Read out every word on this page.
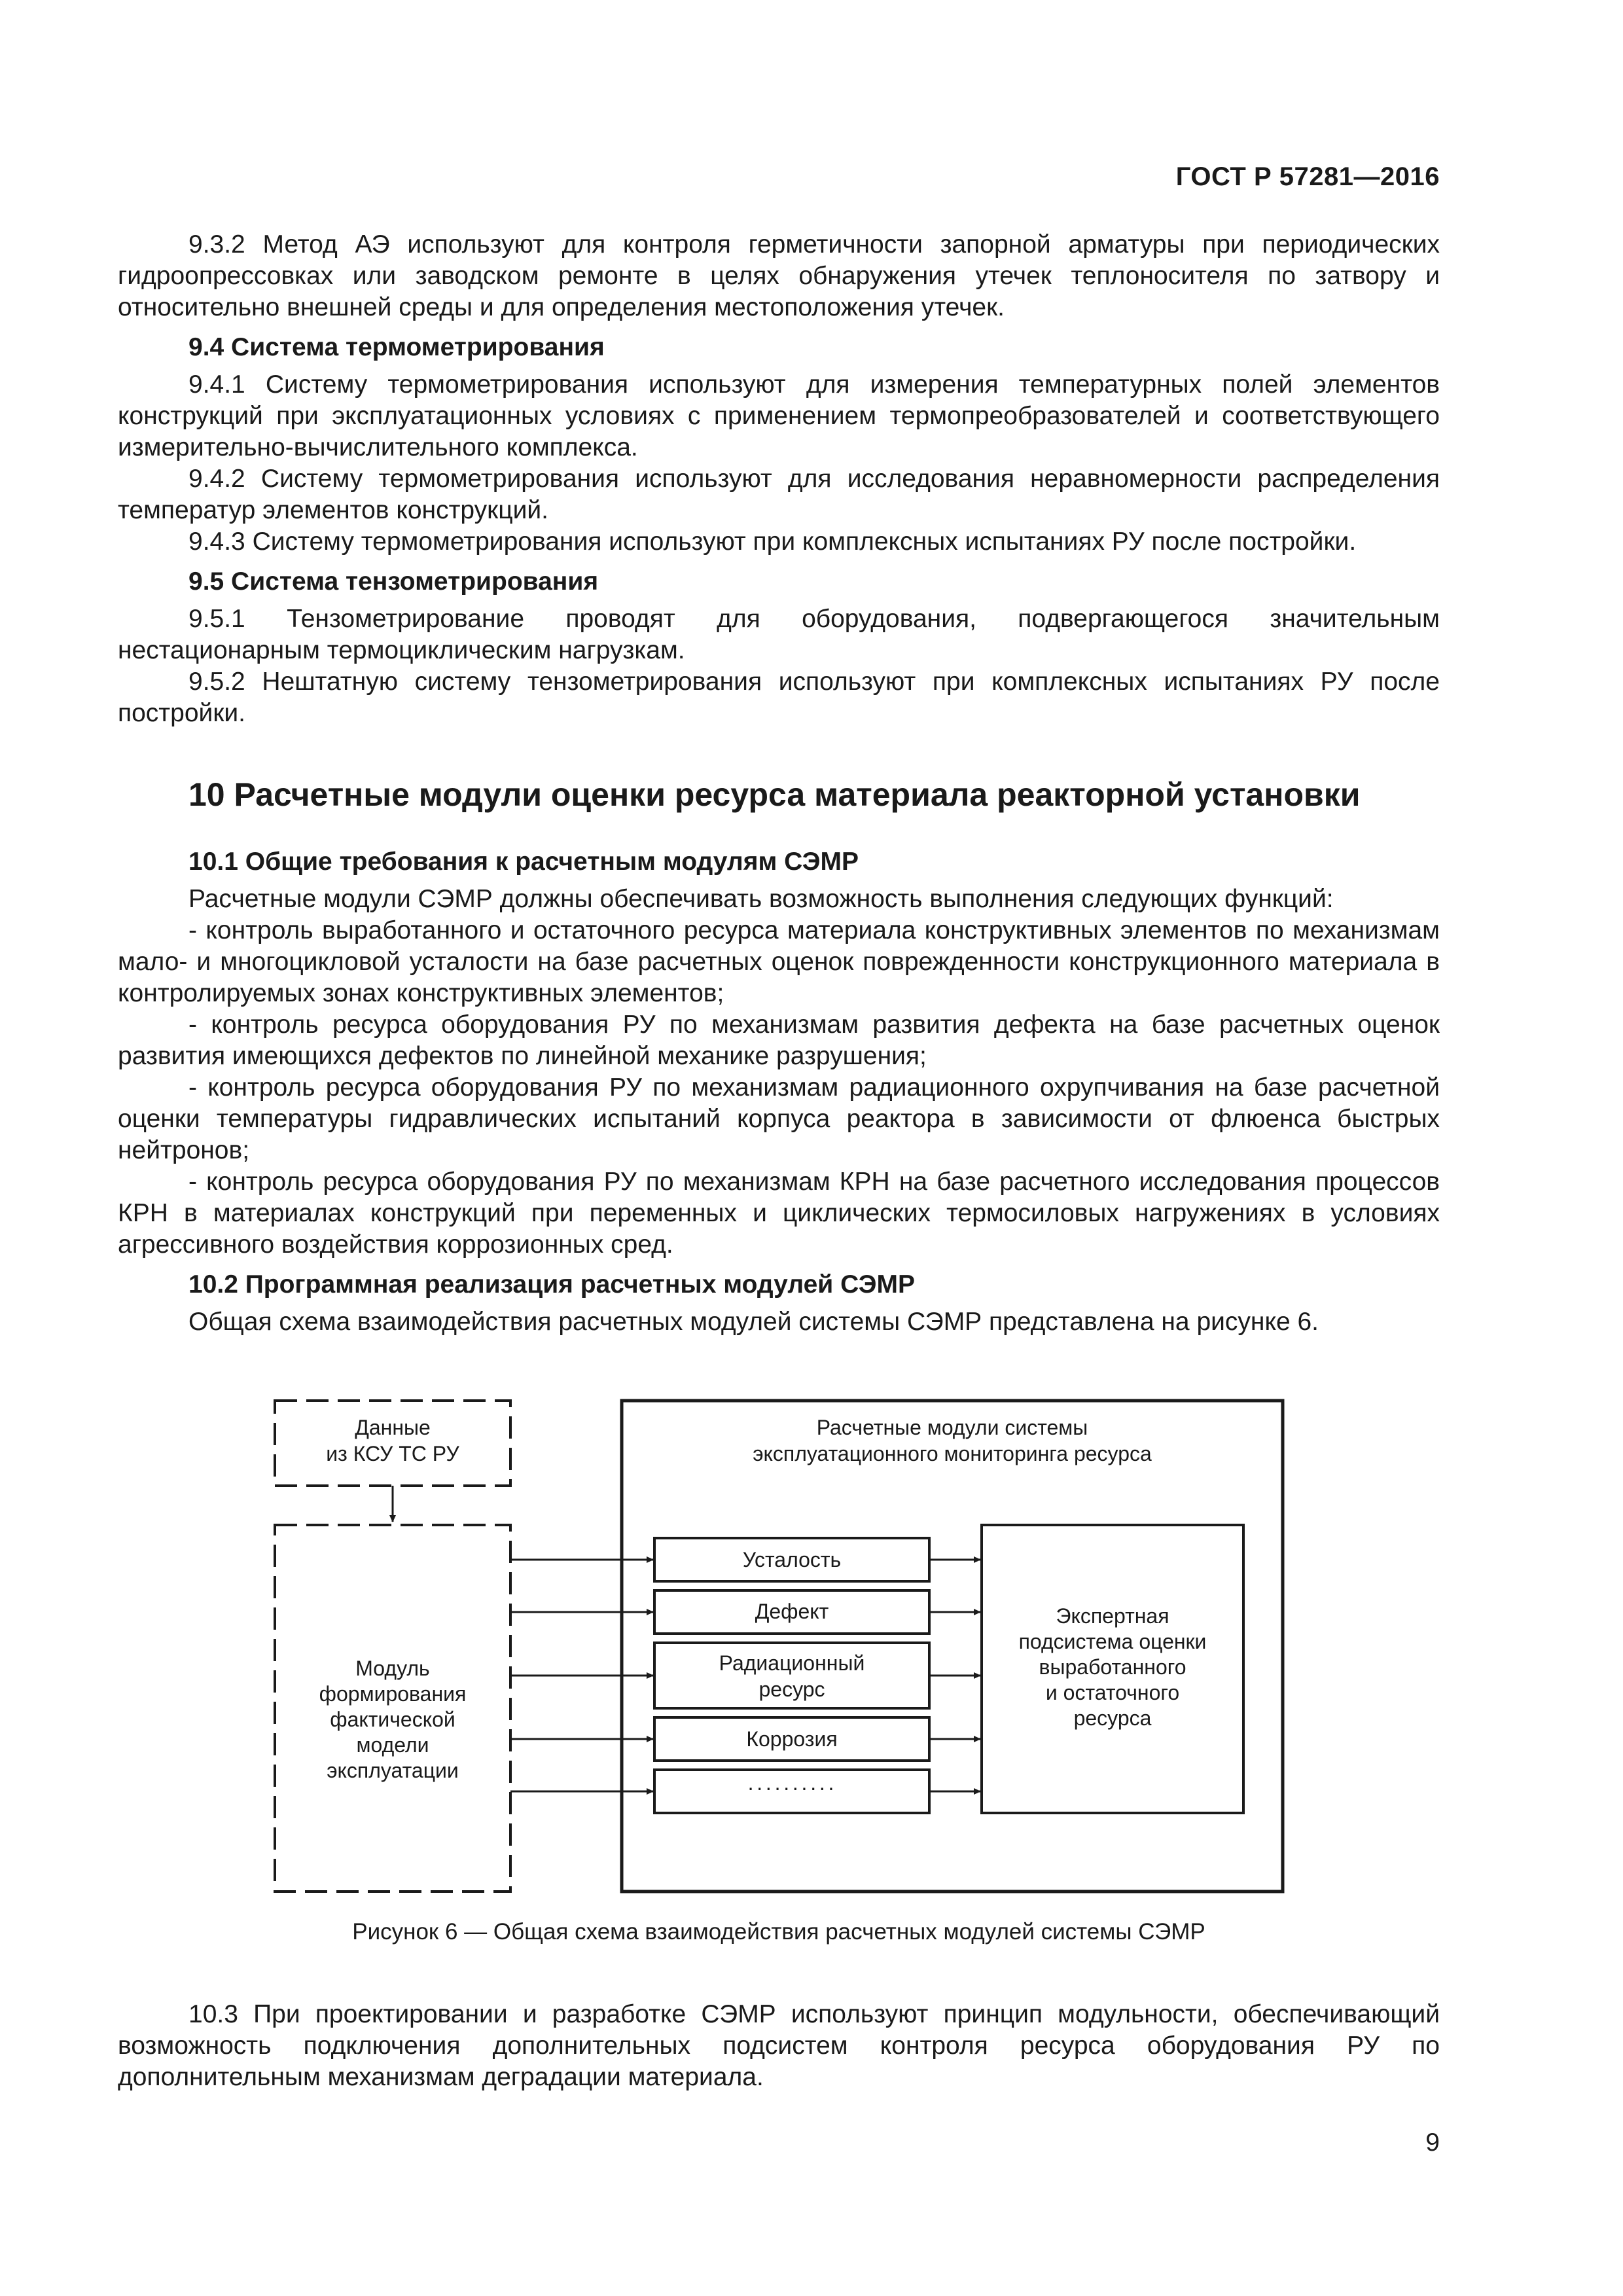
ГОСТ Р 57281—2016

9.3.2 Метод АЭ используют для контроля герметичности запорной арматуры при периодических гидроопрессовках или заводском ремонте в целях обнаружения утечек теплоносителя по затвору и относительно внешней среды и для определения местоположения утечек.

9.4 Система термометрирования

9.4.1 Систему термометрирования используют для измерения температурных полей элементов конструкций при эксплуатационных условиях с применением термопреобразователей и соответствующего измерительно-вычислительного комплекса.

9.4.2 Систему термометрирования используют для исследования неравномерности распределения температур элементов конструкций.

9.4.3 Систему термометрирования используют при комплексных испытаниях РУ после постройки.

9.5 Система тензометрирования

9.5.1 Тензометрирование проводят для оборудования, подвергающегося значительным нестационарным термоциклическим нагрузкам.

9.5.2 Нештатную систему тензометрирования используют при комплексных испытаниях РУ после постройки.

10 Расчетные модули оценки ресурса материала реакторной установки
10.1 Общие требования к расчетным модулям СЭМР

Расчетные модули СЭМР должны обеспечивать возможность выполнения следующих функций:

- контроль выработанного и остаточного ресурса материала конструктивных элементов по механизмам мало- и многоцикловой усталости на базе расчетных оценок поврежденности конструкционного материала в контролируемых зонах конструктивных элементов;

- контроль ресурса оборудования РУ по механизмам развития дефекта на базе расчетных оценок развития имеющихся дефектов по линейной механике разрушения;

- контроль ресурса оборудования РУ по механизмам радиационного охрупчивания на базе расчетной оценки температуры гидравлических испытаний корпуса реактора в зависимости от флюенса быстрых нейтронов;

- контроль ресурса оборудования РУ по механизмам КРН на базе расчетного исследования процессов КРН в материалах конструкций при переменных и циклических термосиловых нагружениях в условиях агрессивного воздействия коррозионных сред.

10.2 Программная реализация расчетных модулей СЭМР

Общая схема взаимодействия расчетных модулей системы СЭМР представлена на рисунке 6.

Данные
из КСУ ТС РУ
Модуль
формирования
фактической
модели
эксплуатации
Расчетные модули системы
эксплуатационного мониторинга ресурса
Усталость
Дефект
Радиационный
ресурс
Коррозия
··········
Экспертная
подсистема оценки
выработанного
и остаточного
ресурса

Рисунок 6 — Общая схема взаимодействия расчетных модулей системы СЭМР

10.3 При проектировании и разработке СЭМР используют принцип модульности, обеспечивающий возможность подключения дополнительных подсистем контроля ресурса оборудования РУ по дополнительным механизмам деградации материала.

9
